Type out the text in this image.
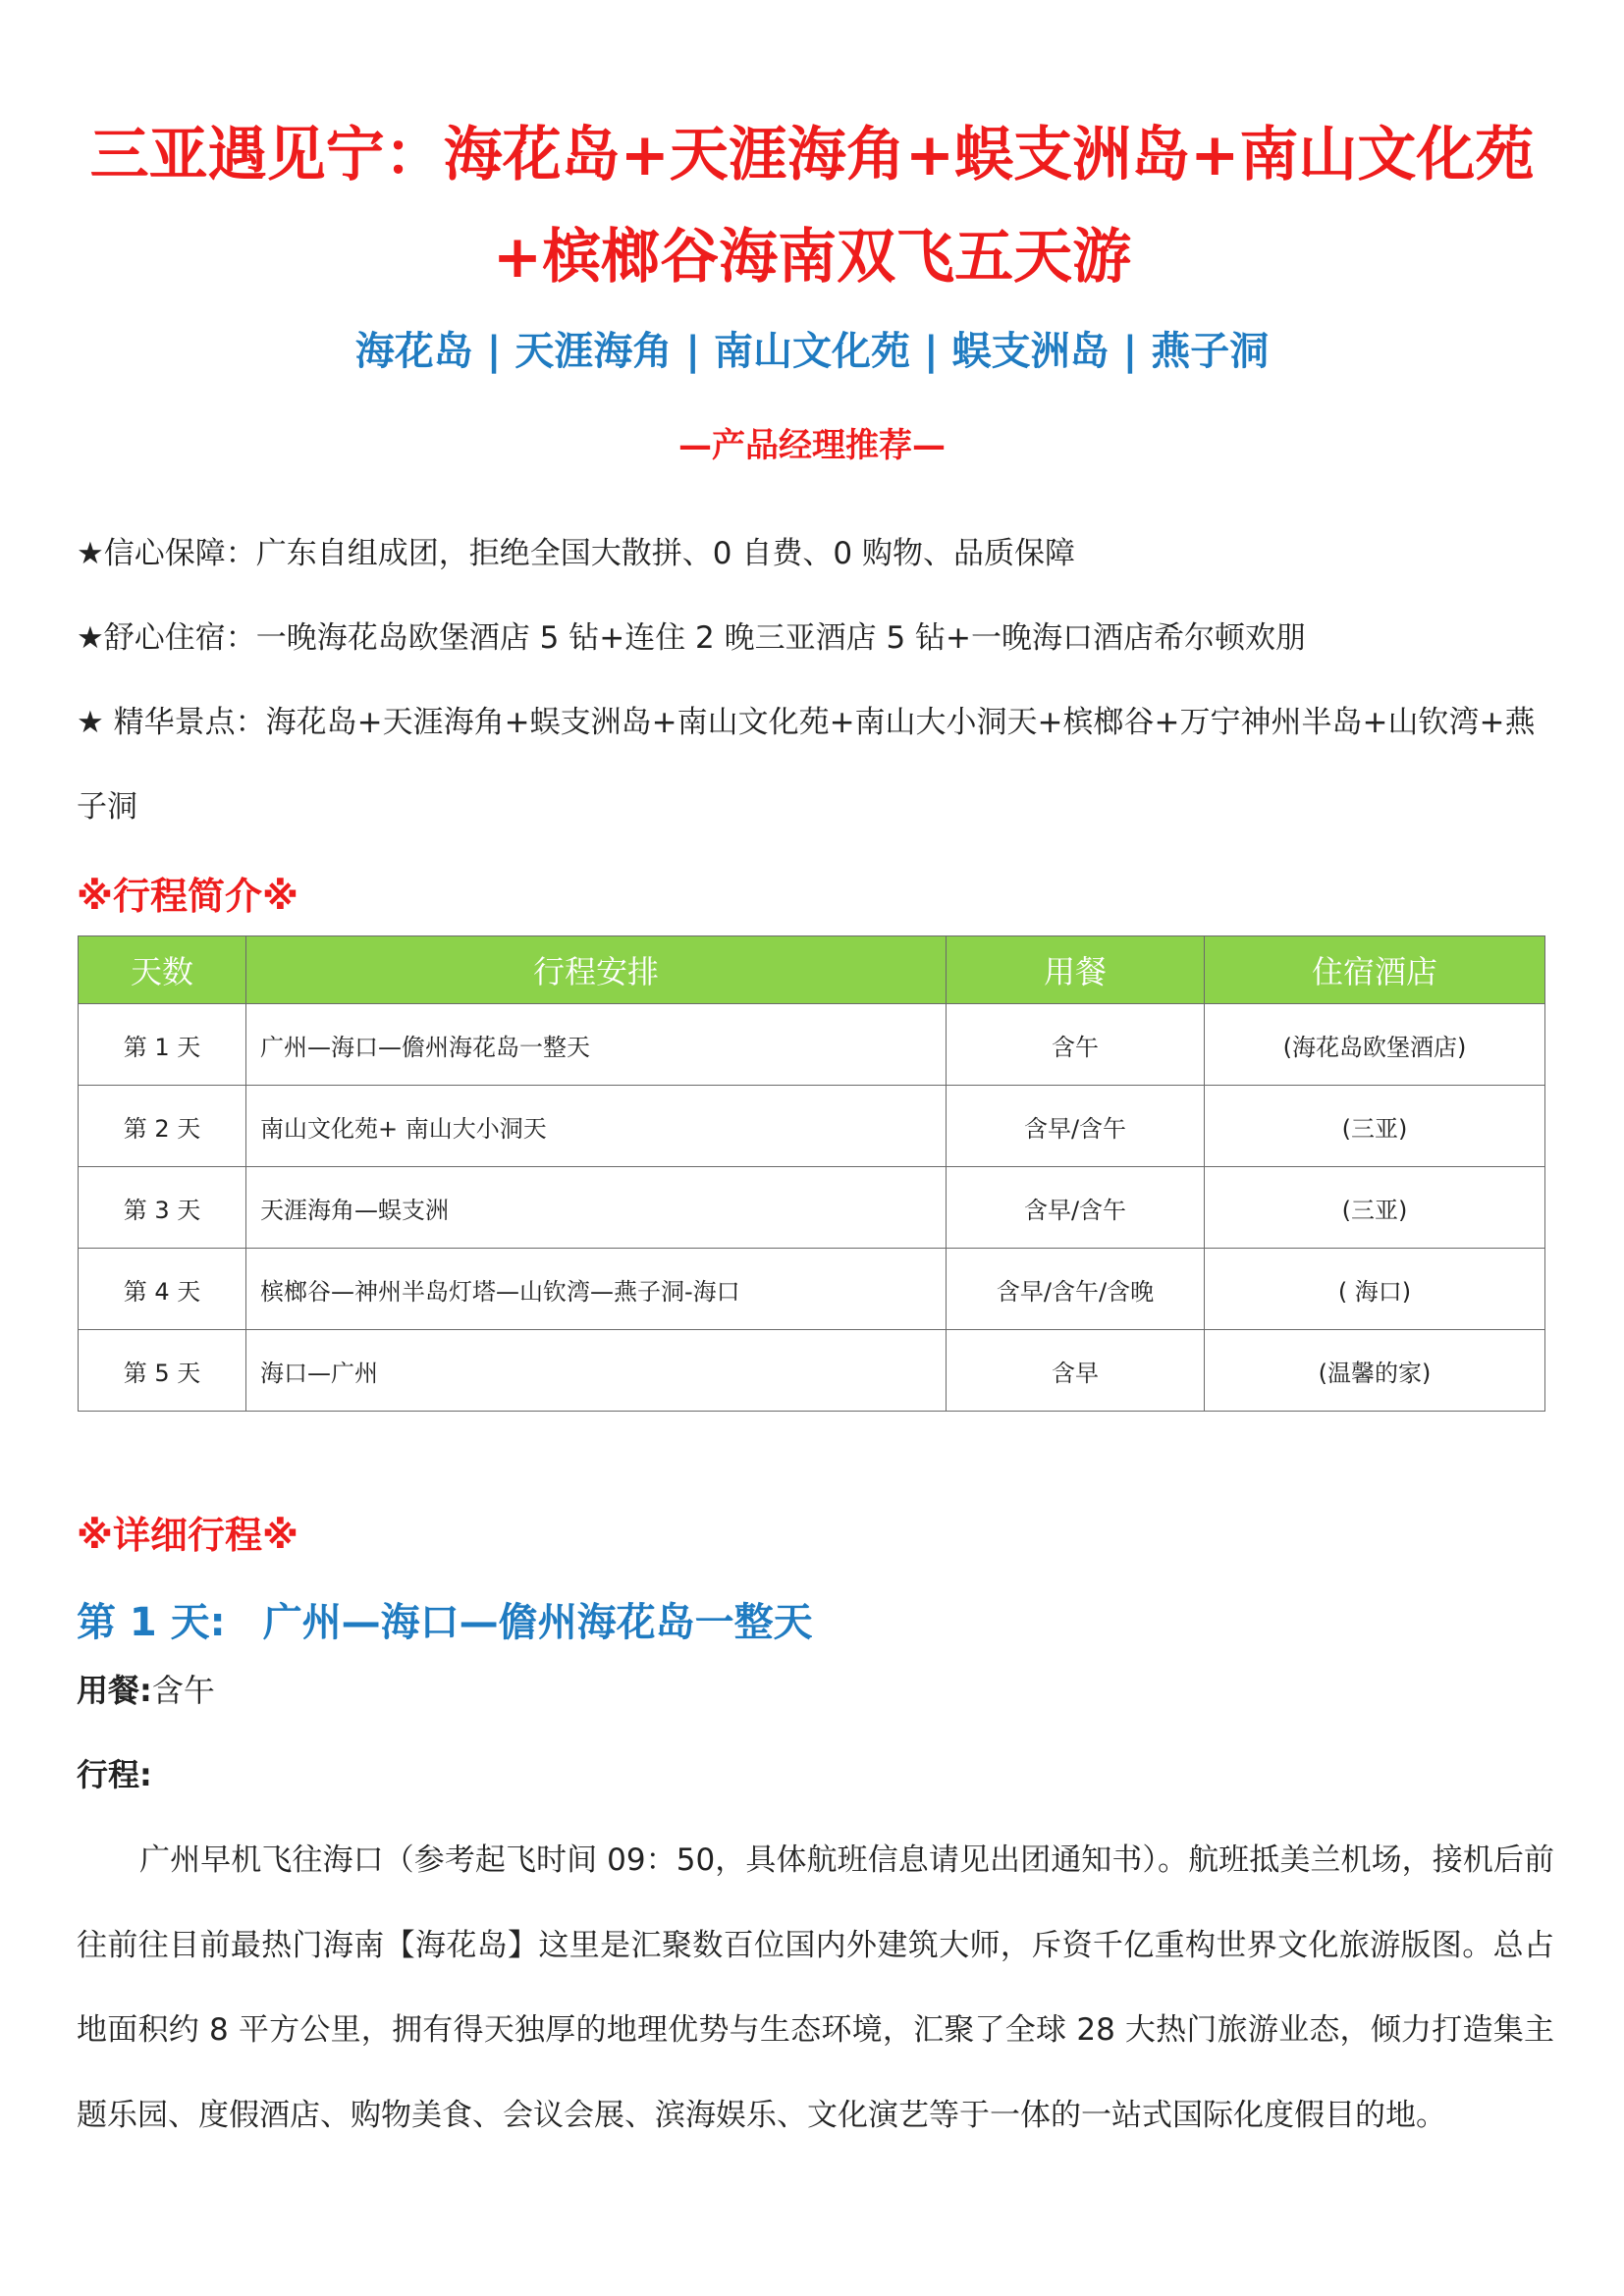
三亚遇见宁：海花岛+天涯海角+蜈支洲岛+南山文化苑
+槟榔谷海南双飞五天游
海花岛 | 天涯海角 | 南山文化苑 | 蜈支洲岛 | 燕子洞
—产品经理推荐—
★信心保障：广东自组成团，拒绝全国大散拼、0 自费、0 购物、品质保障
★舒心住宿：一晚海花岛欧堡酒店 5 钻+连住 2 晚三亚酒店 5 钻+一晚海口酒店希尔顿欢朋
★ 精华景点：海花岛+天涯海角+蜈支洲岛+南山文化苑+南山大小洞天+槟榔谷+万宁神州半岛+山钦湾+燕子洞
※行程简介※
天数	行程安排	用餐	住宿酒店
第 1 天	广州—海口—儋州海花岛一整天	含午	(海花岛欧堡酒店)
第 2 天	南山文化苑+ 南山大小洞天	含早/含午	(三亚)
第 3 天	天涯海角—蜈支洲	含早/含午	(三亚)
第 4 天	槟榔谷—神州半岛灯塔—山钦湾—燕子洞-海口	含早/含午/含晚	( 海口)
第 5 天	海口—广州	含早	(温馨的家)
※详细行程※
第 1 天: 广州—海口—儋州海花岛一整天
用餐:含午
行程:

广州早机飞往海口（参考起飞时间 09：50，具体航班信息请见出团通知书）。航班抵美兰机场，接机后前往前往目前最热门海南【海花岛】这里是汇聚数百位国内外建筑大师，斥资千亿重构世界文化旅游版图。总占地面积约 8 平方公里，拥有得天独厚的地理优势与生态环境，汇聚了全球 28 大热门旅游业态，倾力打造集主题乐园、度假酒店、购物美食、会议会展、滨海娱乐、文化演艺等于一体的一站式国际化度假目的地。
